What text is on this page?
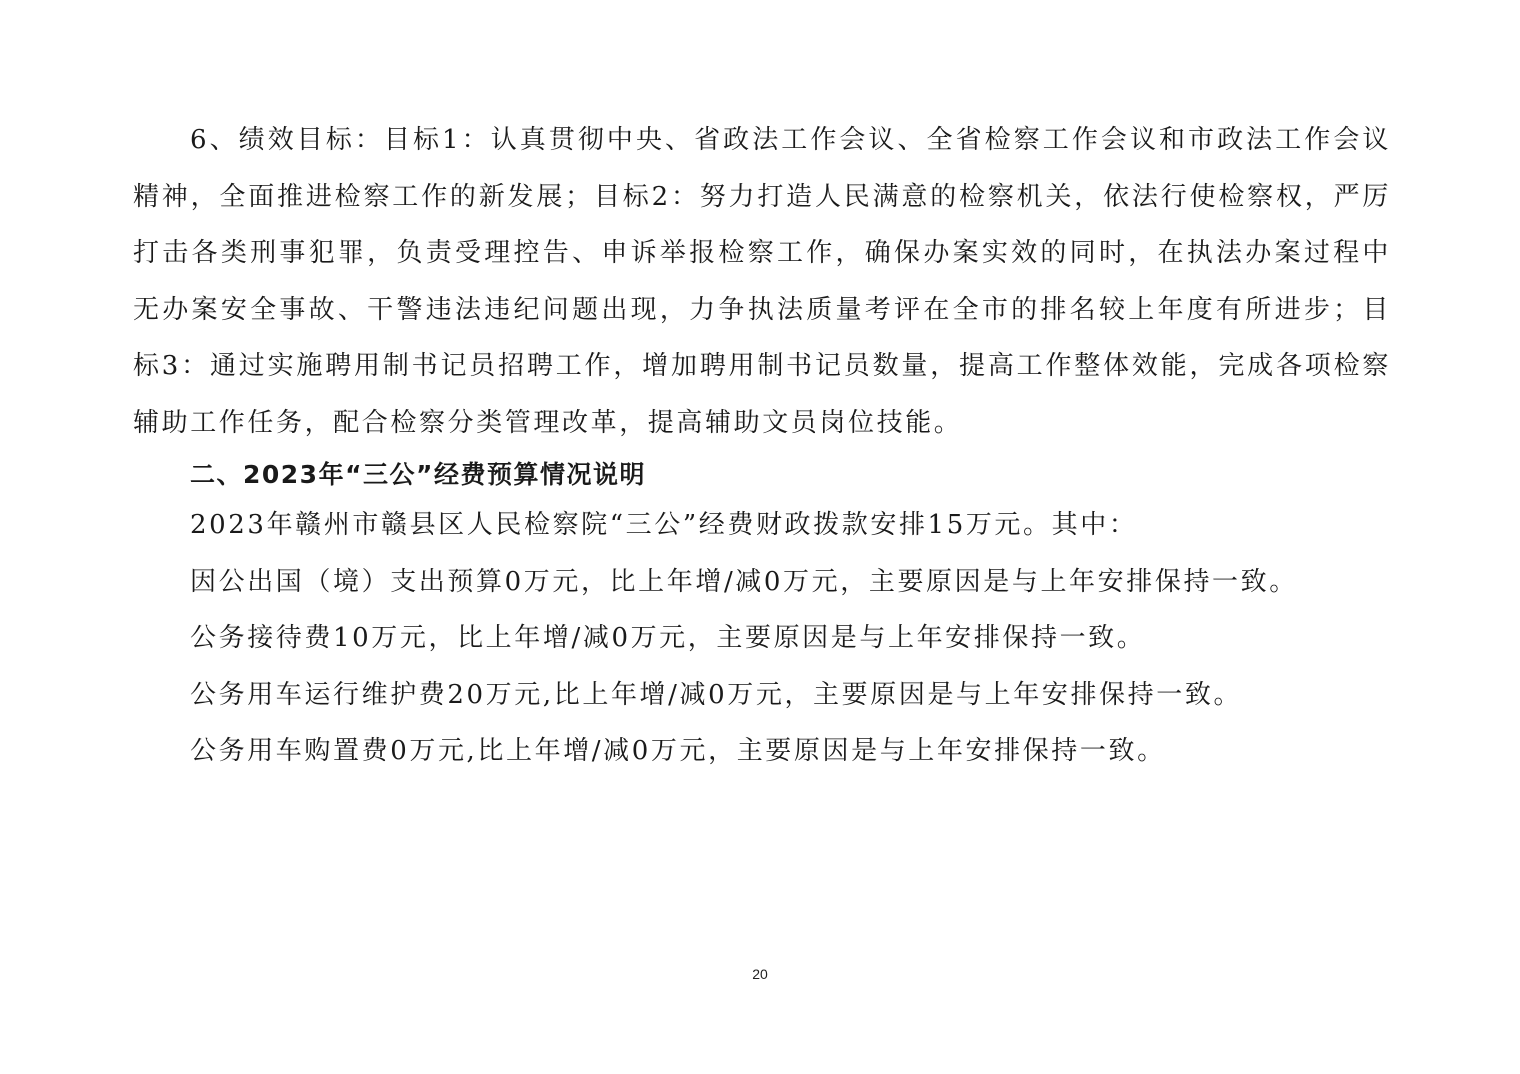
6、绩效目标：目标1：认真贯彻中央、省政法工作会议、全省检察工作会议和市政法工作会议精神，全面推进检察工作的新发展；目标2：努力打造人民满意的检察机关，依法行使检察权，严厉打击各类刑事犯罪，负责受理控告、申诉举报检察工作，确保办案实效的同时，在执法办案过程中无办案安全事故、干警违法违纪问题出现，力争执法质量考评在全市的排名较上年度有所进步；目标3：通过实施聘用制书记员招聘工作，增加聘用制书记员数量，提高工作整体效能，完成各项检察辅助工作任务，配合检察分类管理改革，提高辅助文员岗位技能。

二、2023年“三公”经费预算情况说明

2023年赣州市赣县区人民检察院“三公”经费财政拨款安排15万元。其中：

因公出国（境）支出预算0万元，比上年增/减0万元，主要原因是与上年安排保持一致。

公务接待费10万元，比上年增/减0万元，主要原因是与上年安排保持一致。

公务用车运行维护费20万元,比上年增/减0万元，主要原因是与上年安排保持一致。

公务用车购置费0万元,比上年增/减0万元，主要原因是与上年安排保持一致。

20
